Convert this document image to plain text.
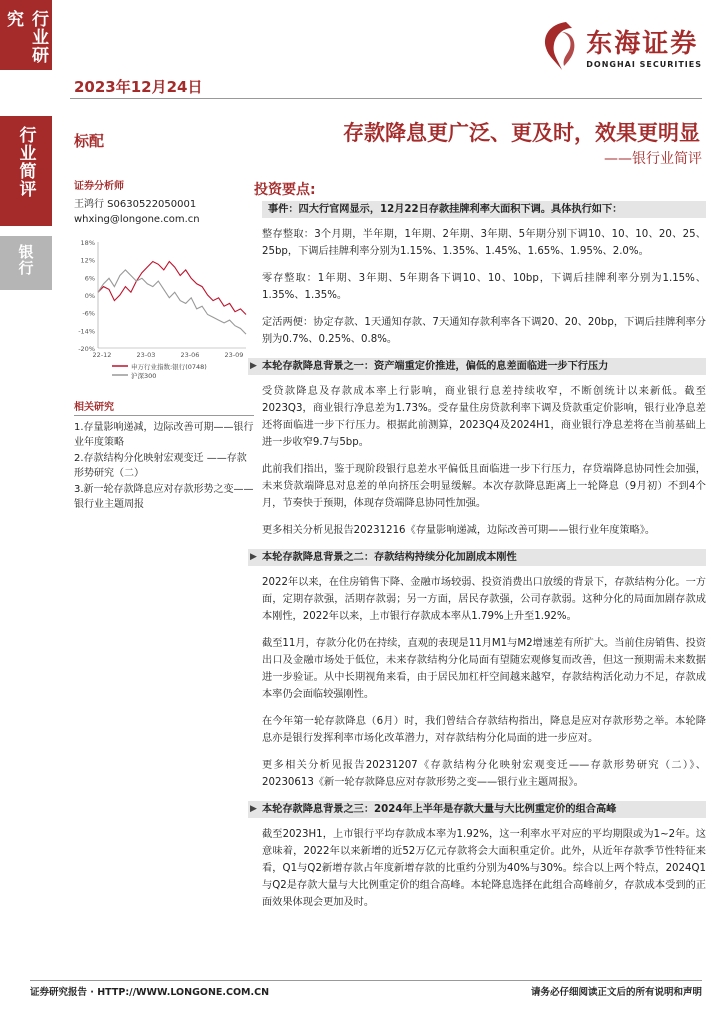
行业研究
行业简评
银行
2023年12月24日
东海证券
DONGHAI SECURITIES
标配	存款降息更广泛、更及时，效果更明显
——银行业简评
证券分析师
王鸿行 S0630522050001
whxing@longone.com.cn
18%
12%
6%
0%
-6%
-14%
-20%
22-12	23-03	23-06	23-09
申万行业指数:银行(0748)
沪深300
相关研究
1.存量影响递减，边际改善可期——银行业年度策略
2.存款结构分化映射宏观变迁 ——存款形势研究（二）
3.新一轮存款降息应对存款形势之变——银行业主题周报
投资要点:
事件：四大行官网显示，12月22日存款挂牌利率大面积下调。具体执行如下：

整存整取：3个月期，半年期，1年期、2年期、3年期、5年期分别下调10、10、10、20、25、25bp，下调后挂牌利率分别为1.15%、1.35%、1.45%、1.65%、1.95%、2.0%。

零存整取：1年期、3年期、5年期各下调10、10、10bp，下调后挂牌利率分别为1.15%、1.35%、1.35%。

定活两便：协定存款、1天通知存款、7天通知存款利率各下调20、20、20bp，下调后挂牌利率分别为0.7%、0.25%、0.8%。

▶ 本轮存款降息背景之一：资产端重定价推进，偏低的息差面临进一步下行压力

受贷款降息及存款成本率上行影响，商业银行息差持续收窄，不断创统计以来新低。截至2023Q3，商业银行净息差为1.73%。受存量住房贷款利率下调及贷款重定价影响，银行业净息差还将面临进一步下行压力。根据此前测算，2023Q4及2024H1，商业银行净息差将在当前基础上进一步收窄9.7与5bp。

此前我们指出，鉴于现阶段银行息差水平偏低且面临进一步下行压力，存贷端降息协同性会加强，未来贷款端降息对息差的单向挤压会明显缓解。本次存款降息距离上一轮降息（9月初）不到4个月，节奏快于预期，体现存贷端降息协同性加强。

更多相关分析见报告20231216《存量影响递减，边际改善可期——银行业年度策略》。

▶ 本轮存款降息背景之二：存款结构持续分化加剧成本刚性

2022年以来，在住房销售下降、金融市场较弱、投资消费出口放缓的背景下，存款结构分化。一方面，定期存款强，活期存款弱；另一方面，居民存款强，公司存款弱。这种分化的局面加剧存款成本刚性，2022年以来，上市银行存款成本率从1.79%上升至1.92%。

截至11月，存款分化仍在持续，直观的表现是11月M1与M2增速差有所扩大。当前住房销售、投资出口及金融市场处于低位，未来存款结构分化局面有望随宏观修复而改善，但这一预期需未来数据进一步验证。从中长期视角来看，由于居民加杠杆空间越来越窄，存款结构活化动力不足，存款成本率仍会面临较强刚性。

在今年第一轮存款降息（6月）时，我们曾结合存款结构指出，降息是应对存款形势之举。本轮降息亦是银行发挥利率市场化改革潜力，对存款结构分化局面的进一步应对。

更多相关分析见报告20231207《存款结构分化映射宏观变迁——存款形势研究（二）》、20230613《新一轮存款降息应对存款形势之变——银行业主题周报》。

▶ 本轮存款降息背景之三：2024年上半年是存款大量与大比例重定价的组合高峰

截至2023H1，上市银行平均存款成本率为1.92%，这一利率水平对应的平均期限或为1~2年。这意味着，2022年以来新增的近52万亿元存款将会大面积重定价。此外，从近年存款季节性特征来看，Q1与Q2新增存款占年度新增存款的比重约分别为40%与30%。综合以上两个特点，2024Q1与Q2是存款大量与大比例重定价的组合高峰。本轮降息选择在此组合高峰前夕，存款成本受到的正面效果体现会更加及时。

证券研究报告 · HTTP://WWW.LONGONE.COM.CN	请务必仔细阅读正文后的所有说明和声明
